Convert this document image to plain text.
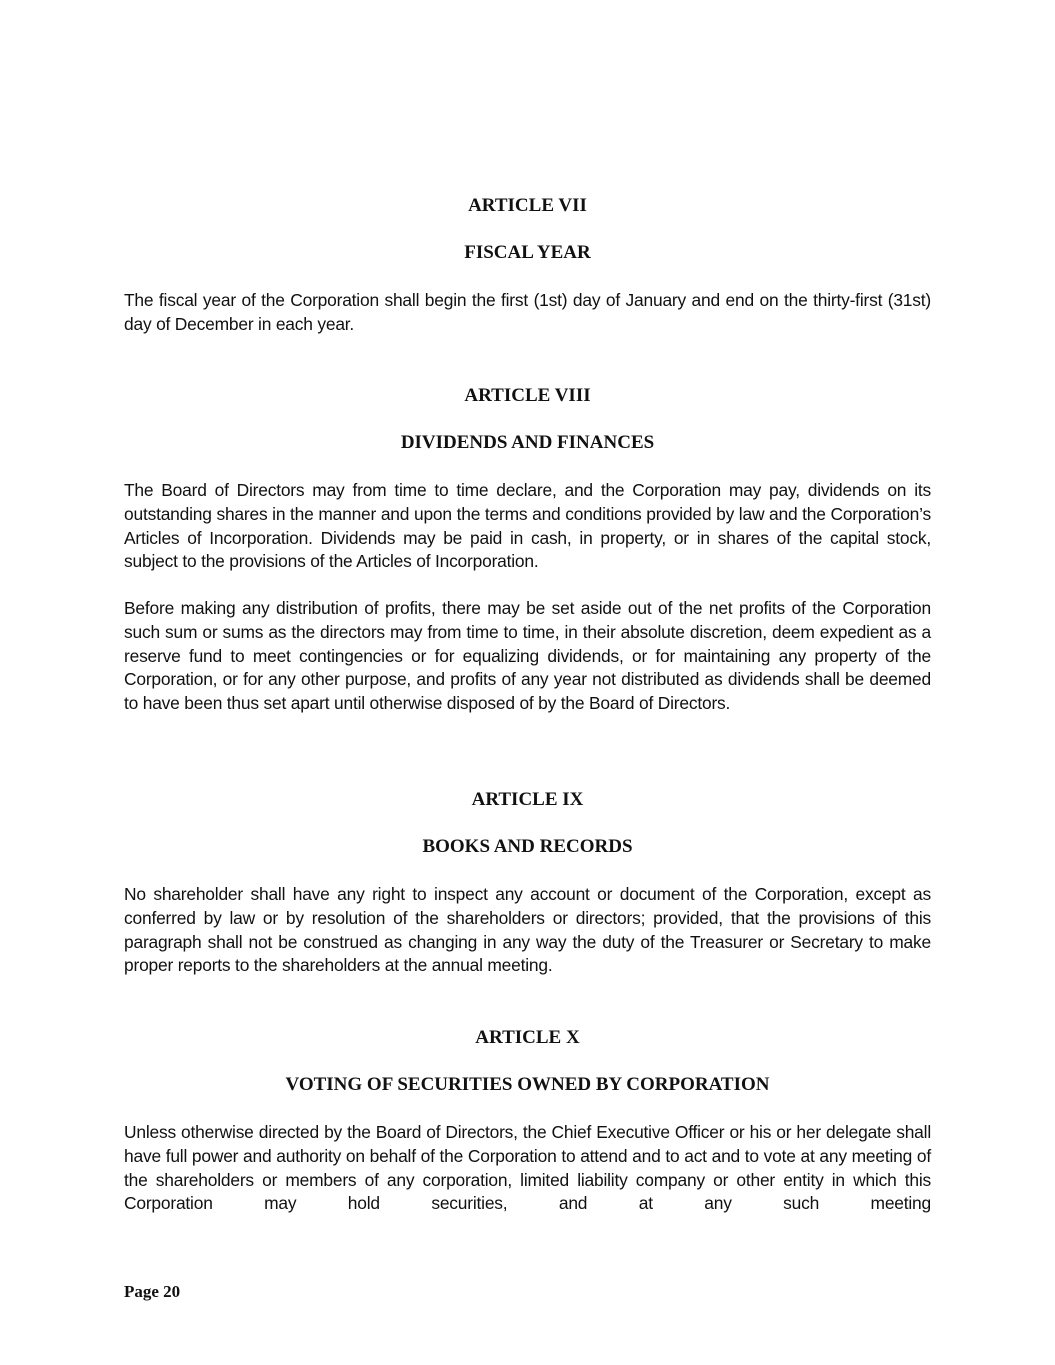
ARTICLE VII
FISCAL YEAR

The fiscal year of the Corporation shall begin the first (1st) day of January and end on the thirty-first (31st) day of December in each year.

ARTICLE VIII
DIVIDENDS AND FINANCES

The Board of Directors may from time to time declare, and the Corporation may pay, dividends on its outstanding shares in the manner and upon the terms and conditions provided by law and the Corporation’s Articles of Incorporation. Dividends may be paid in cash, in property, or in shares of the capital stock, subject to the provisions of the Articles of Incorporation.

Before making any distribution of profits, there may be set aside out of the net profits of the Corporation such sum or sums as the directors may from time to time, in their absolute discretion, deem expedient as a reserve fund to meet contingencies or for equalizing dividends, or for maintaining any property of the Corporation, or for any other purpose, and profits of any year not distributed as dividends shall be deemed to have been thus set apart until otherwise disposed of by the Board of Directors.

ARTICLE IX
BOOKS AND RECORDS

No shareholder shall have any right to inspect any account or document of the Corporation, except as conferred by law or by resolution of the shareholders or directors; provided, that the provisions of this paragraph shall not be construed as changing in any way the duty of the Treasurer or Secretary to make proper reports to the shareholders at the annual meeting.

ARTICLE X
VOTING OF SECURITIES OWNED BY CORPORATION

Unless otherwise directed by the Board of Directors, the Chief Executive Officer or his or her delegate shall have full power and authority on behalf of the Corporation to attend and to act and to vote at any meeting of the shareholders or members of any corporation, limited liability company or other entity in which this Corporation may hold securities, and at any such meeting

Page 20
